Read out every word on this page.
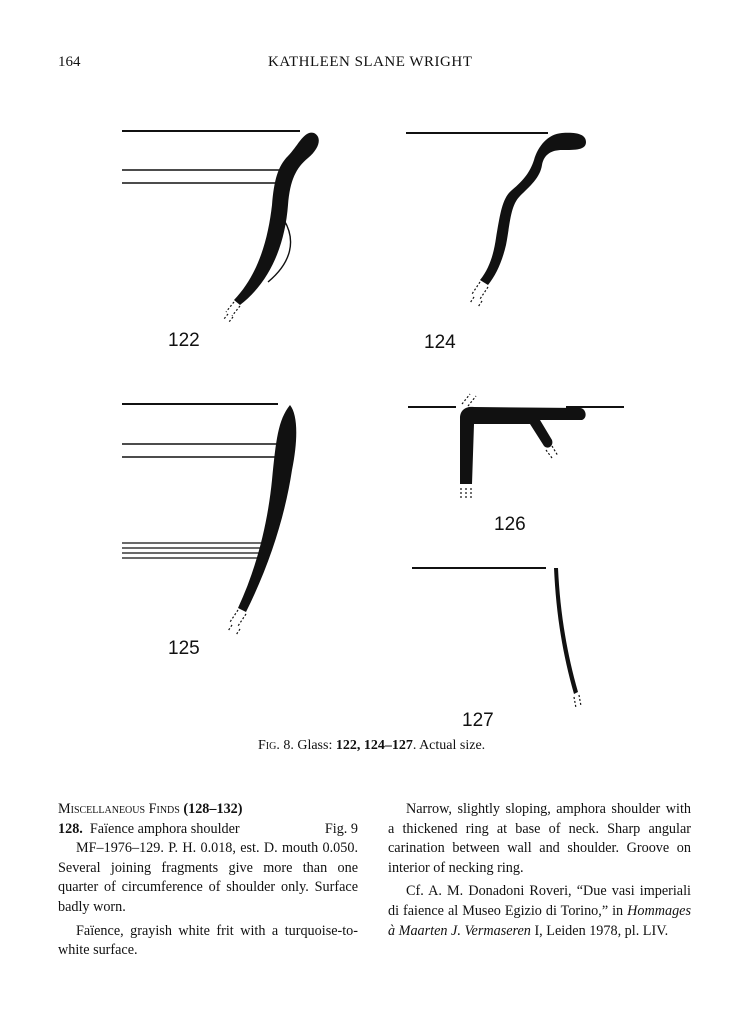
164	KATHLEEN SLANE WRIGHT
122	124
125
126
127
Fig. 8. Glass: 122, 124–127. Actual size.

Miscellaneous Finds (128–132)

128. Faïence amphora shoulder	Fig. 9

MF–1976–129. P. H. 0.018, est. D. mouth 0.050. Several joining fragments give more than one quarter of circumference of shoulder only. Surface badly worn.

Faïence, grayish white frit with a turquoise-to-white surface.

Narrow, slightly sloping, amphora shoulder with a thickened ring at base of neck. Sharp angular carination between wall and shoulder. Groove on interior of necking ring.

Cf. A. M. Donadoni Roveri, “Due vasi imperiali di faience al Museo Egizio di Torino,” in Hommages à Maarten J. Vermaseren I, Leiden 1978, pl. LIV.
